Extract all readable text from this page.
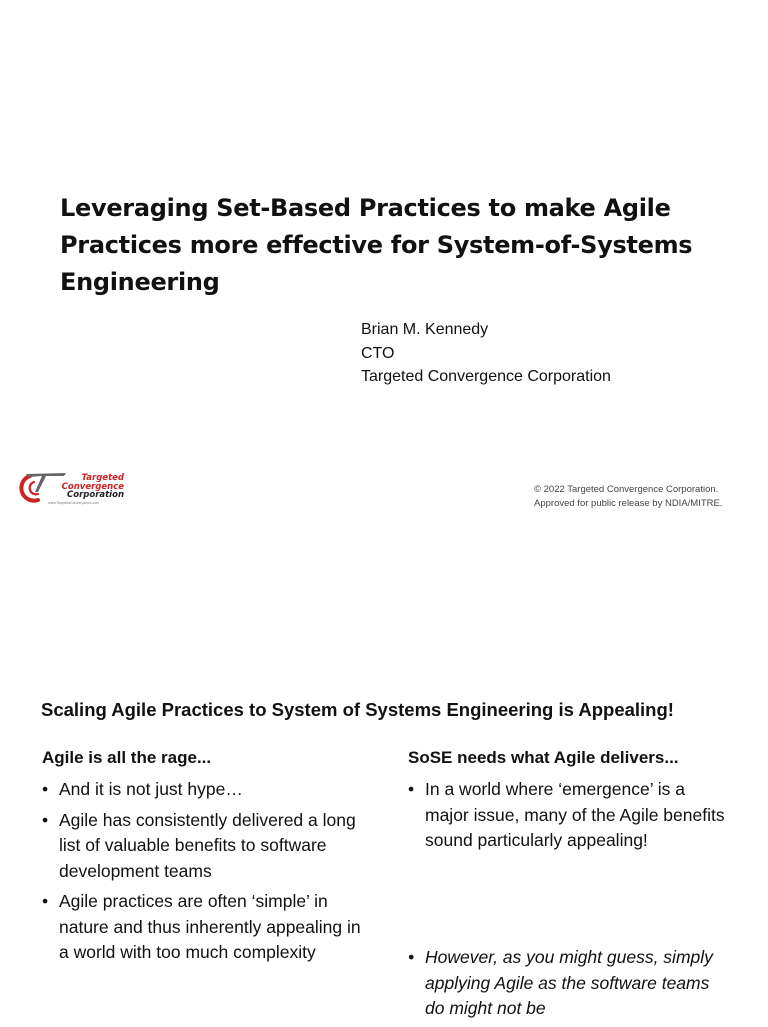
Leveraging Set-Based Practices to make Agile
Practices more effective for System-of-Systems
Engineering
Brian M. Kennedy
CTO
Targeted Convergence Corporation
Targeted
Convergence
Corporation
www.TargetedConvergence.com
© 2022 Targeted Convergence Corporation.
Approved for public release by NDIA/MITRE.
Scaling Agile Practices to System of Systems Engineering is Appealing!
Agile is all the rage...	SoSE needs what Agile delivers...
• And it is not just hype…
• Agile has consistently delivered a long list of valuable benefits to software development teams
• Agile practices are often ‘simple’ in nature and thus inherently appealing in a world with too much complexity
• In a world where ‘emergence’ is a major issue, many of the Agile benefits sound particularly appealing!
• However, as you might guess, simply applying Agile as the software teams do might not be
